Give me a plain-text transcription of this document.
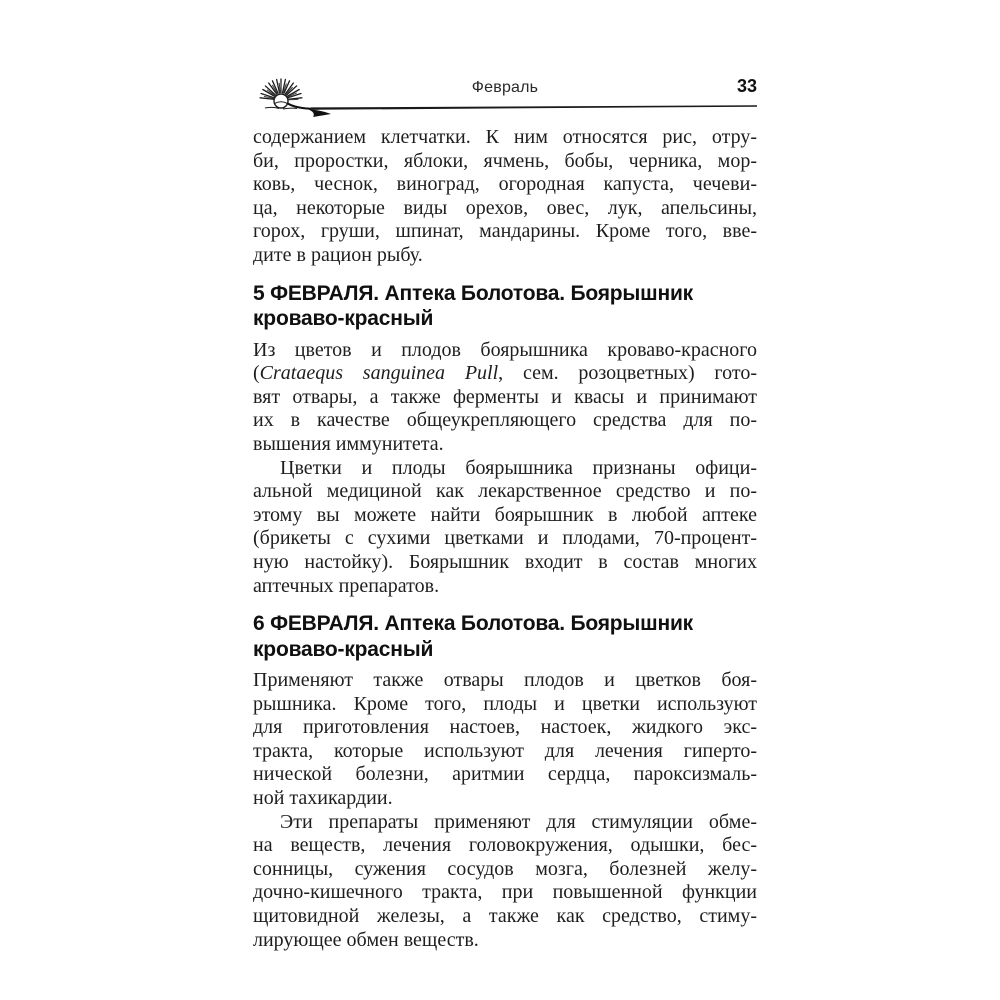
Февраль	33
содержанием клетчатки. К ним относятся рис, отру-
би, проростки, яблоки, ячмень, бобы, черника, мор-
ковь, чеснок, виноград, огородная капуста, чечеви-
ца, некоторые виды орехов, овес, лук, апельсины,
горох, груши, шпинат, мандарины. Кроме того, вве-
дите в рацион рыбу.
5 ФЕВРАЛЯ. Аптека Болотова. Боярышник
кроваво-красный
Из цветов и плодов боярышника кроваво-красного
(Crataequs sanguinea Pull, сем. розоцветных) гото-
вят отвары, а также ферменты и квасы и принимают
их в качестве общеукрепляющего средства для по-
вышения иммунитета.
Цветки и плоды боярышника признаны офици-
альной медициной как лекарственное средство и по-
этому вы можете найти боярышник в любой аптеке
(брикеты с сухими цветками и плодами, 70-процент-
ную настойку). Боярышник входит в состав многих
аптечных препаратов.
6 ФЕВРАЛЯ. Аптека Болотова. Боярышник
кроваво-красный
Применяют также отвары плодов и цветков боя-
рышника. Кроме того, плоды и цветки используют
для приготовления настоев, настоек, жидкого экс-
тракта, которые используют для лечения гиперто-
нической болезни, аритмии сердца, пароксизмаль-
ной тахикардии.
Эти препараты применяют для стимуляции обме-
на веществ, лечения головокружения, одышки, бес-
сонницы, сужения сосудов мозга, болезней желу-
дочно-кишечного тракта, при повышенной функции
щитовидной железы, а также как средство, стиму-
лирующее обмен веществ.
